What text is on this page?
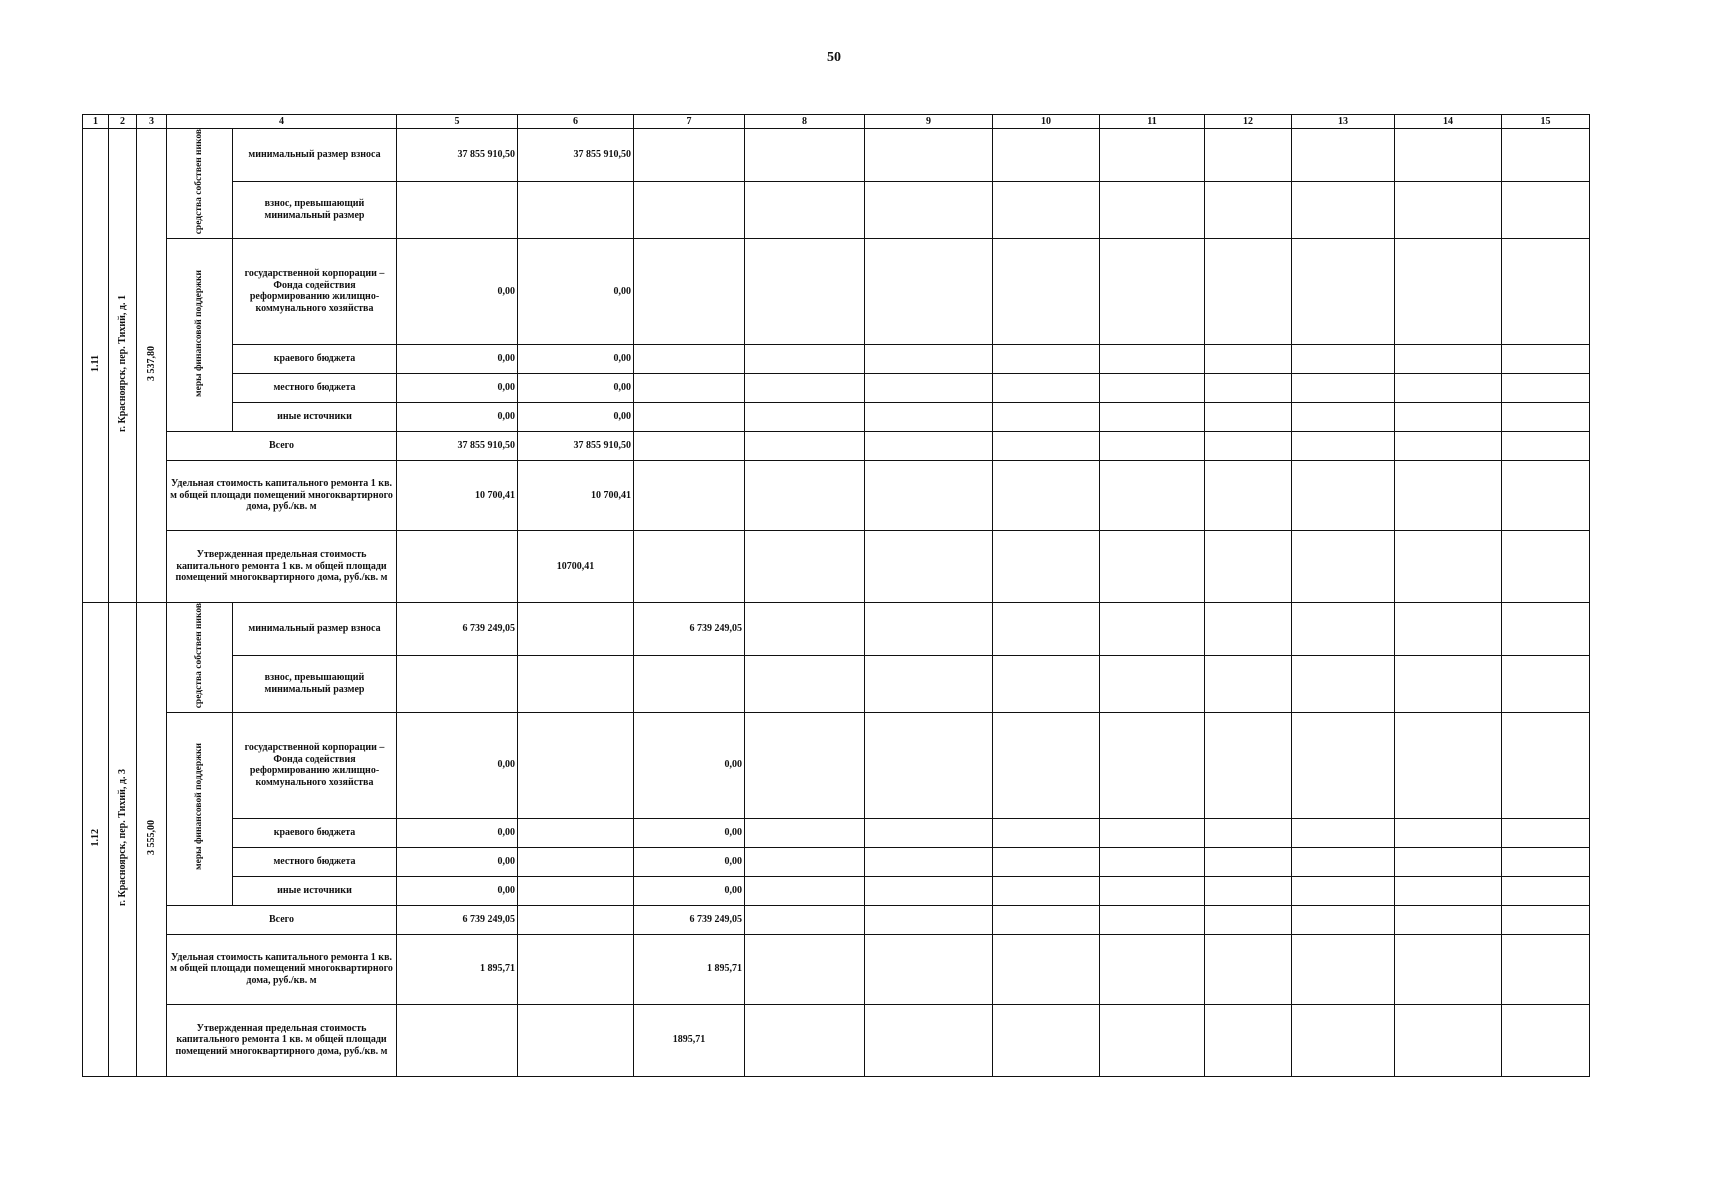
50
1	2	3	4		5	6	7	8	9	10	11	12	13	14	15
1.11	г. Красноярск, пер. Тихий, д. 1	3 537,80	средства собствен ников	минимальный размер взноса	37 855 910,50	37 855 910,50									
				взнос, превышающий минимальный размер											
			меры финансовой поддержки	государственной корпорации – Фонда содействия реформированию жилищно-коммунального хозяйства	0,00	0,00									
				краевого бюджета	0,00	0,00									
				местного бюджета	0,00	0,00									
				иные источники	0,00	0,00									
			Всего		37 855 910,50	37 855 910,50									
			Удельная стоимость капитального ремонта 1 кв. м общей площади помещений многоквартирного дома, руб./кв. м		10 700,41	10 700,41									
			Утвержденная предельная стоимость капитального ремонта 1 кв. м общей площади помещений многоквартирного дома, руб./кв. м			10700,41									
1.12	г. Красноярск, пер. Тихий, д. 3	3 555,00	средства собствен ников	минимальный размер взноса	6 739 249,05		6 739 249,05								
				взнос, превышающий минимальный размер											
			меры финансовой поддержки	государственной корпорации – Фонда содействия реформированию жилищно-коммунального хозяйства	0,00		0,00								
				краевого бюджета	0,00		0,00								
				местного бюджета	0,00		0,00								
				иные источники	0,00		0,00								
			Всего		6 739 249,05		6 739 249,05								
			Удельная стоимость капитального ремонта 1 кв. м общей площади помещений многоквартирного дома, руб./кв. м		1 895,71		1 895,71								
			Утвержденная предельная стоимость капитального ремонта 1 кв. м общей площади помещений многоквартирного дома, руб./кв. м				1895,71								
